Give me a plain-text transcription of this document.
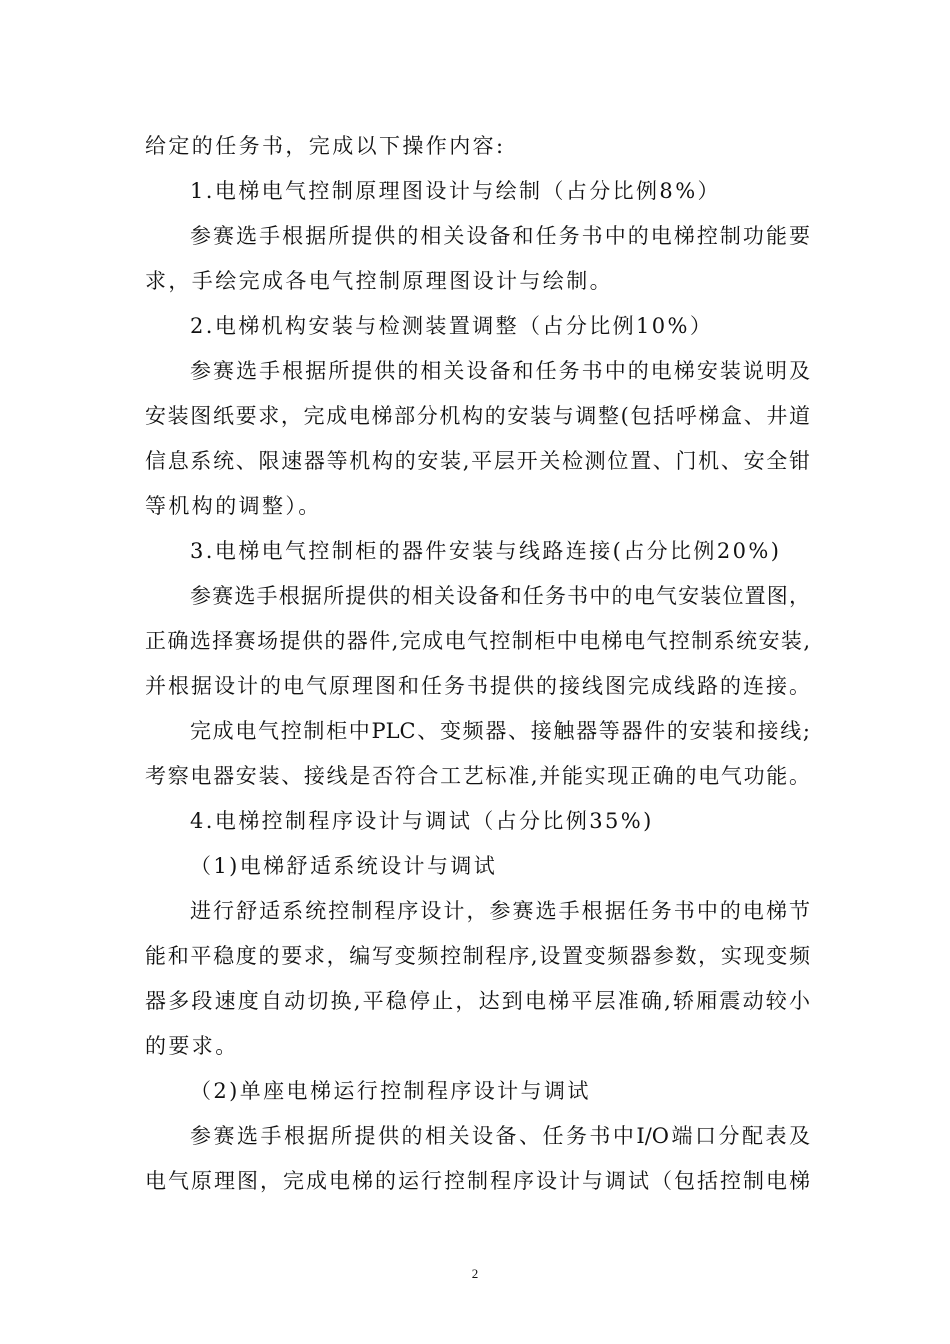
给定的任务书，完成以下操作内容:
1.电梯电气控制原理图设计与绘制（占分比例8%）
参赛选手根据所提供的相关设备和任务书中的电梯控制功能要
求，手绘完成各电气控制原理图设计与绘制。
2.电梯机构安装与检测装置调整（占分比例10%）
参赛选手根据所提供的相关设备和任务书中的电梯安装说明及
安装图纸要求，完成电梯部分机构的安装与调整(包括呼梯盒、井道
信息系统、限速器等机构的安装,平层开关检测位置、门机、安全钳
等机构的调整）。
3.电梯电气控制柜的器件安装与线路连接(占分比例20%)
参赛选手根据所提供的相关设备和任务书中的电气安装位置图，
正确选择赛场提供的器件,完成电气控制柜中电梯电气控制系统安装,
并根据设计的电气原理图和任务书提供的接线图完成线路的连接。
完成电气控制柜中PLC、变频器、接触器等器件的安装和接线;
考察电器安装、接线是否符合工艺标准,并能实现正确的电气功能。
4.电梯控制程序设计与调试（占分比例35%)
（1)电梯舒适系统设计与调试
进行舒适系统控制程序设计，参赛选手根据任务书中的电梯节
能和平稳度的要求，编写变频控制程序,设置变频器参数，实现变频
器多段速度自动切换,平稳停止，达到电梯平层准确,轿厢震动较小
的要求。
（2)单座电梯运行控制程序设计与调试
参赛选手根据所提供的相关设备、任务书中I/O端口分配表及
电气原理图，完成电梯的运行控制程序设计与调试（包括控制电梯
2
